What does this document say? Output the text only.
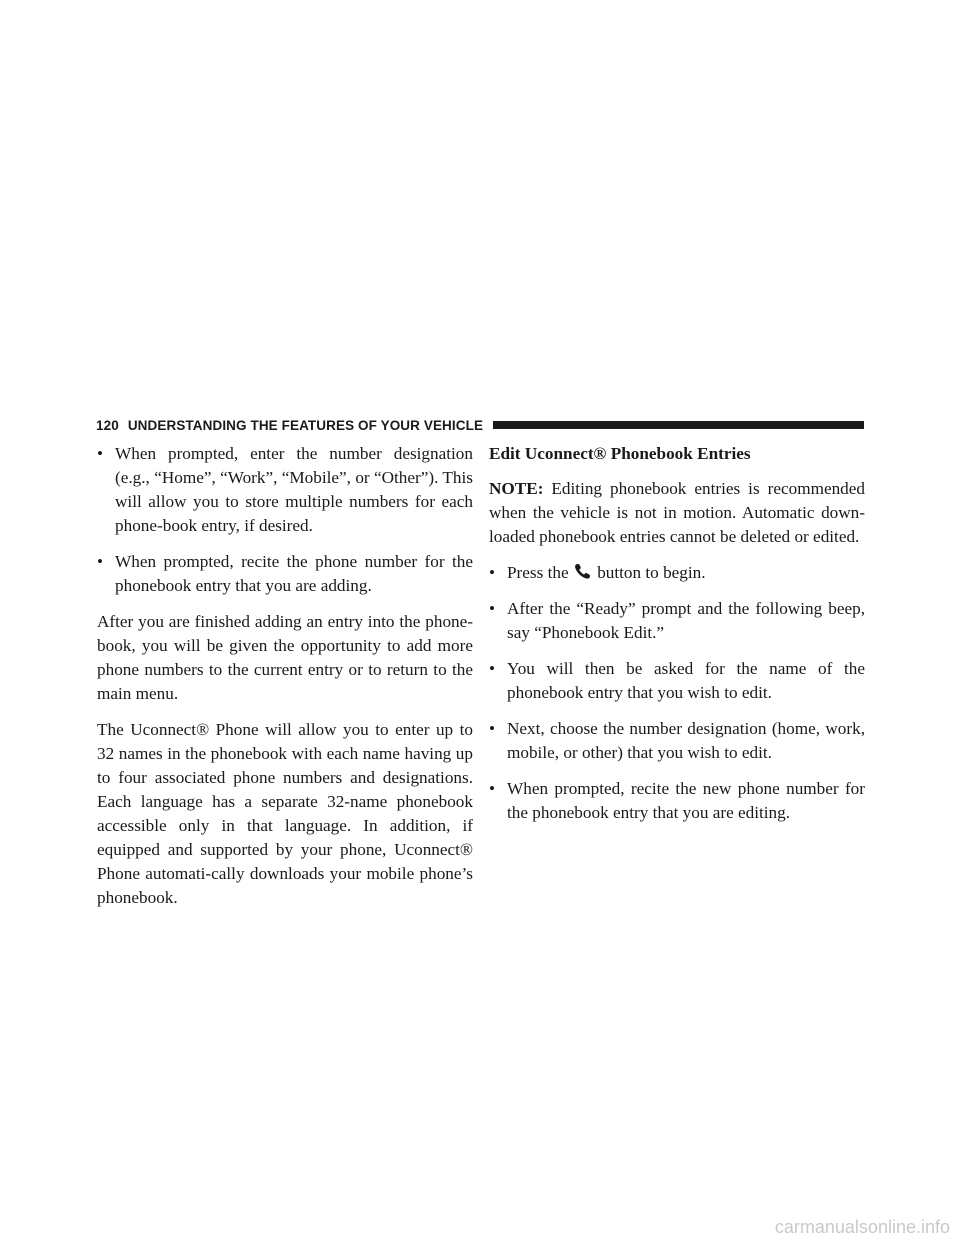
120 UNDERSTANDING THE FEATURES OF YOUR VEHICLE
• When prompted, enter the number designation (e.g., “Home”, “Work”, “Mobile”, or “Other”). This will allow you to store multiple numbers for each phone-book entry, if desired.
• When prompted, recite the phone number for the phonebook entry that you are adding.

After you are finished adding an entry into the phone-book, you will be given the opportunity to add more phone numbers to the current entry or to return to the main menu.

The Uconnect® Phone will allow you to enter up to 32 names in the phonebook with each name having up to four associated phone numbers and designations. Each language has a separate 32-name phonebook accessible only in that language. In addition, if equipped and supported by your phone, Uconnect® Phone automati-cally downloads your mobile phone’s phonebook.

Edit Uconnect® Phonebook Entries

NOTE: Editing phonebook entries is recommended when the vehicle is not in motion. Automatic down-loaded phonebook entries cannot be deleted or edited.

• Press the  button to begin.
• After the “Ready” prompt and the following beep, say “Phonebook Edit.”
• You will then be asked for the name of the phonebook entry that you wish to edit.
• Next, choose the number designation (home, work, mobile, or other) that you wish to edit.
• When prompted, recite the new phone number for the phonebook entry that you are editing.
carmanualsonline.info
